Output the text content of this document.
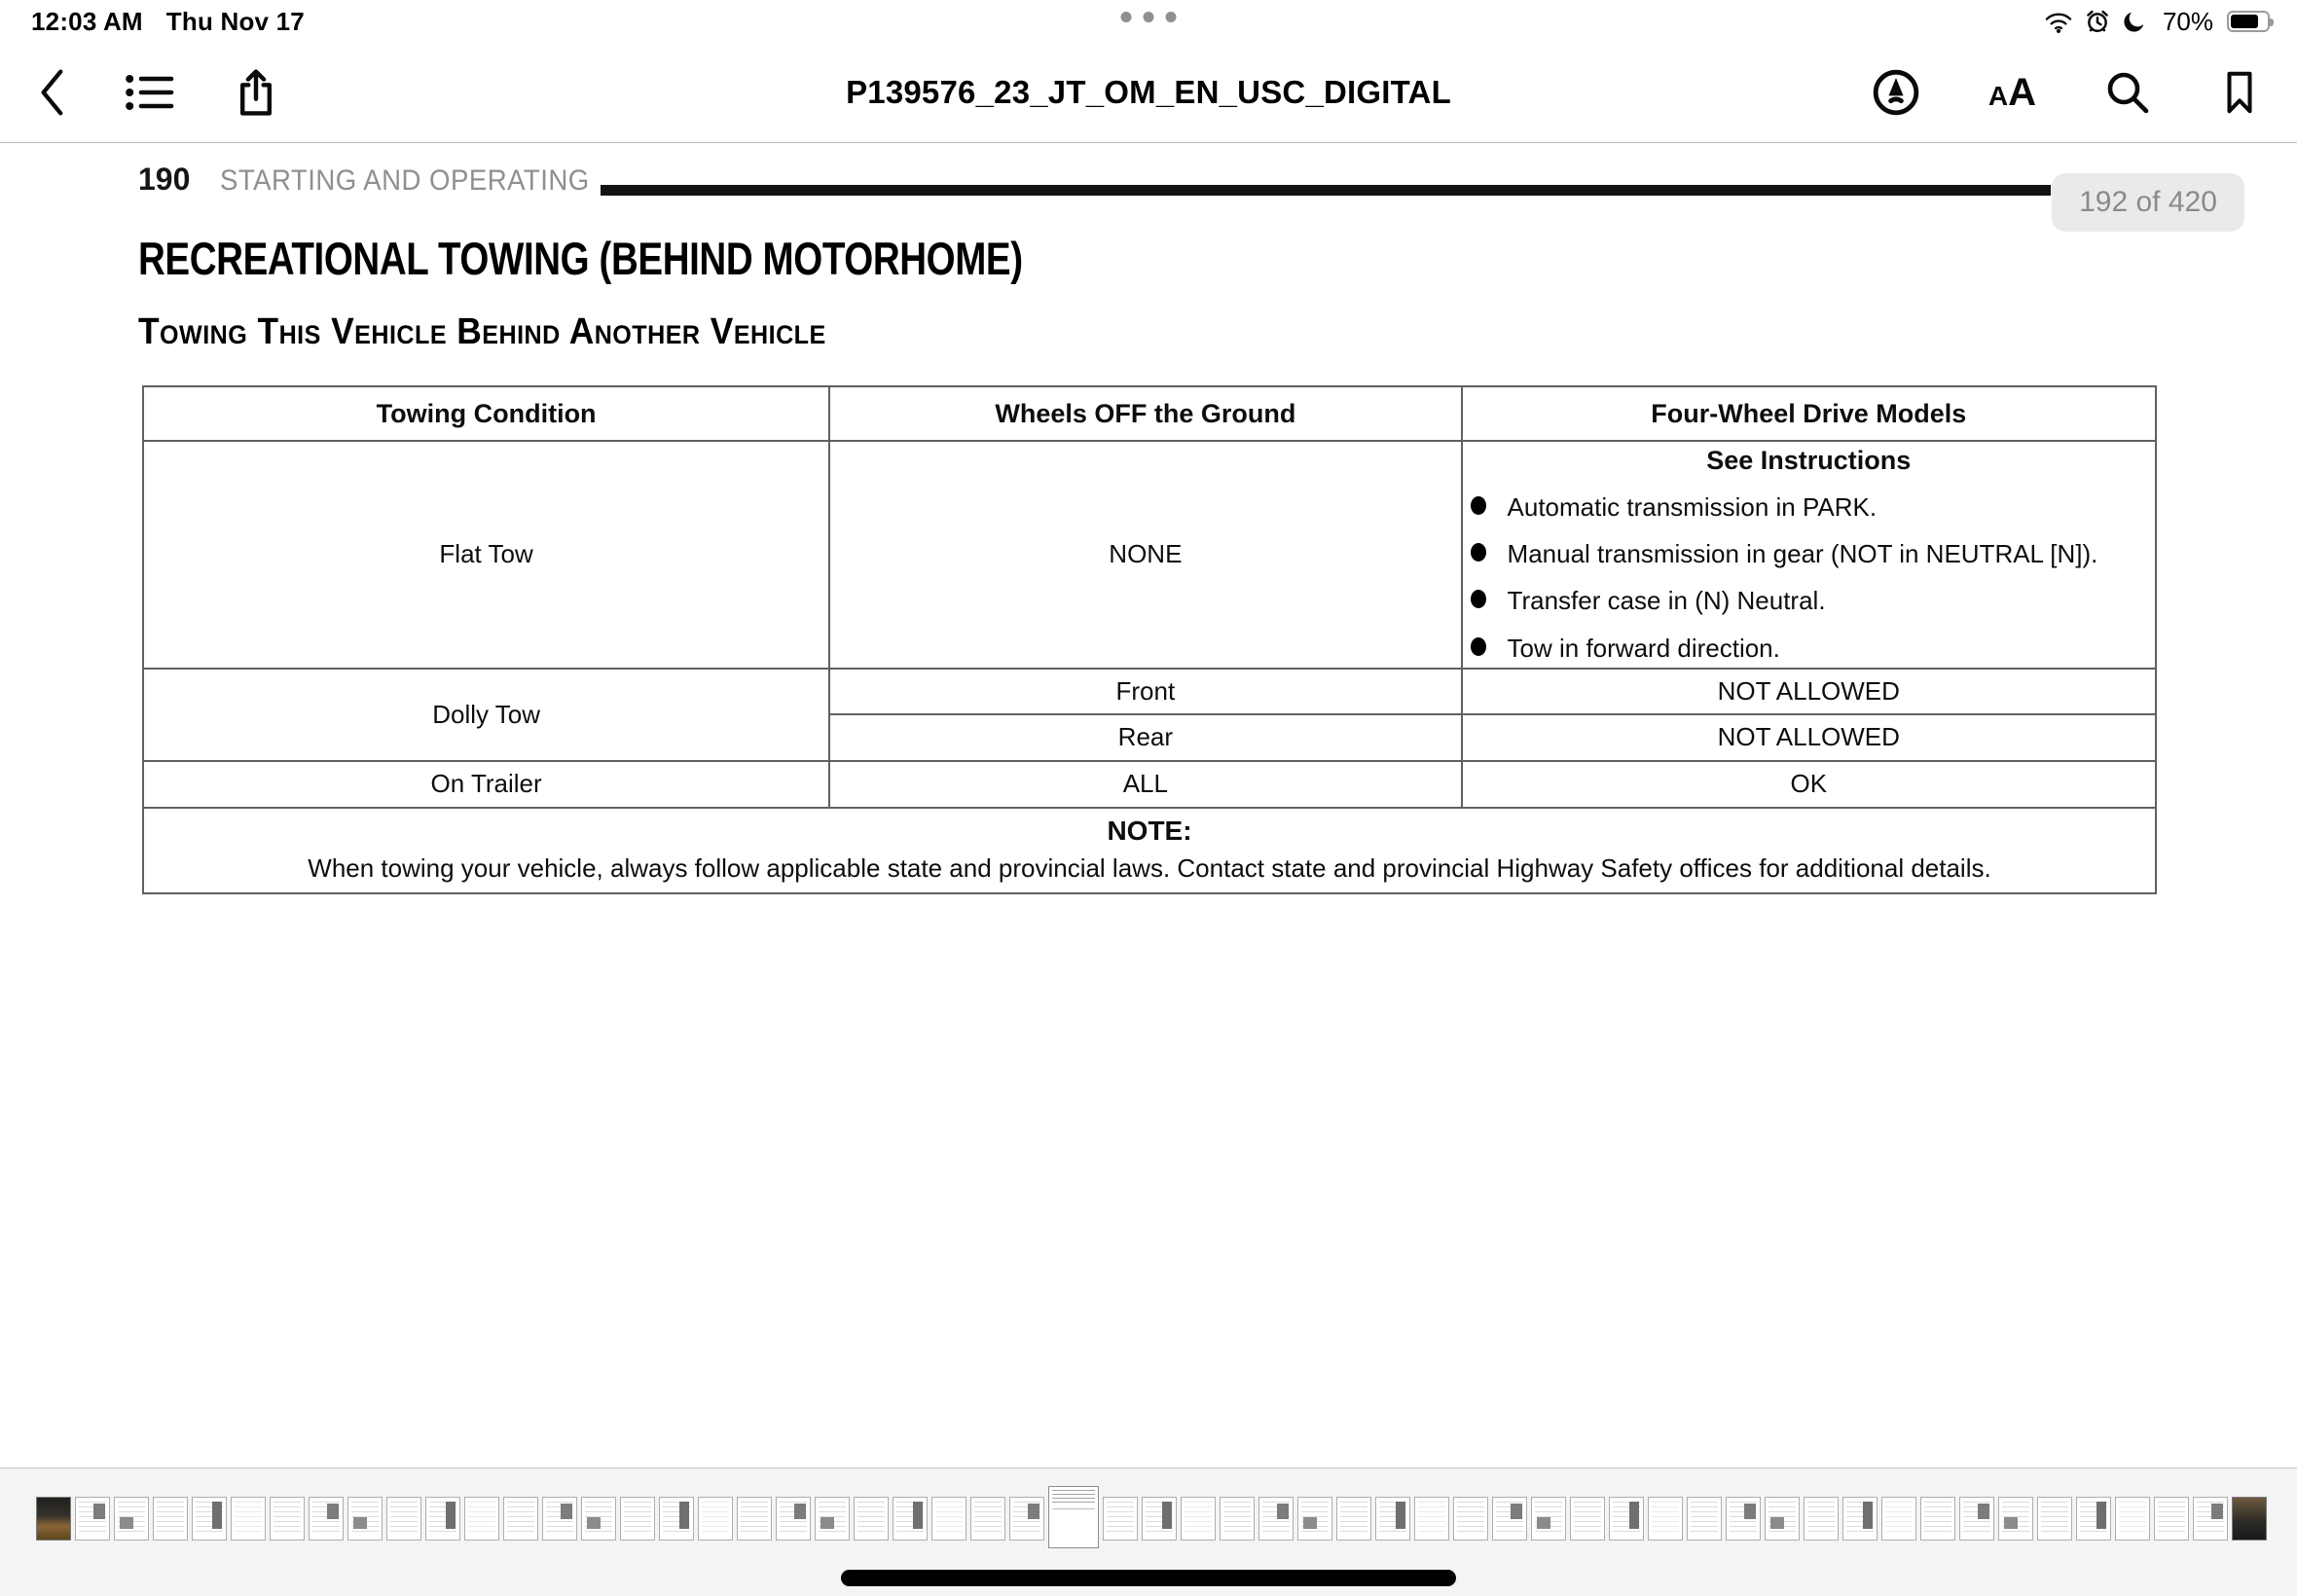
12:03 AM Thu Nov 17	70%
P139576_23_JT_OM_EN_USC_DIGITAL	AA
190 STARTING AND OPERATING
192 of 420
RECREATIONAL TOWING (BEHIND MOTORHOME)
Towing This Vehicle Behind Another Vehicle
Towing Condition	Wheels OFF the Ground	Four-Wheel Drive Models
Flat Tow	NONE	
See Instructions
Automatic transmission in PARK.
Manual transmission in gear (NOT in NEUTRAL [N]).
Transfer case in (N) Neutral.
Tow in forward direction.

Dolly Tow	Front	NOT ALLOWED
	Rear	NOT ALLOWED
On Trailer	ALL	OK

NOTE:
When towing your vehicle, always follow applicable state and provincial laws. Contact state and provincial Highway Safety offices for additional details.		
